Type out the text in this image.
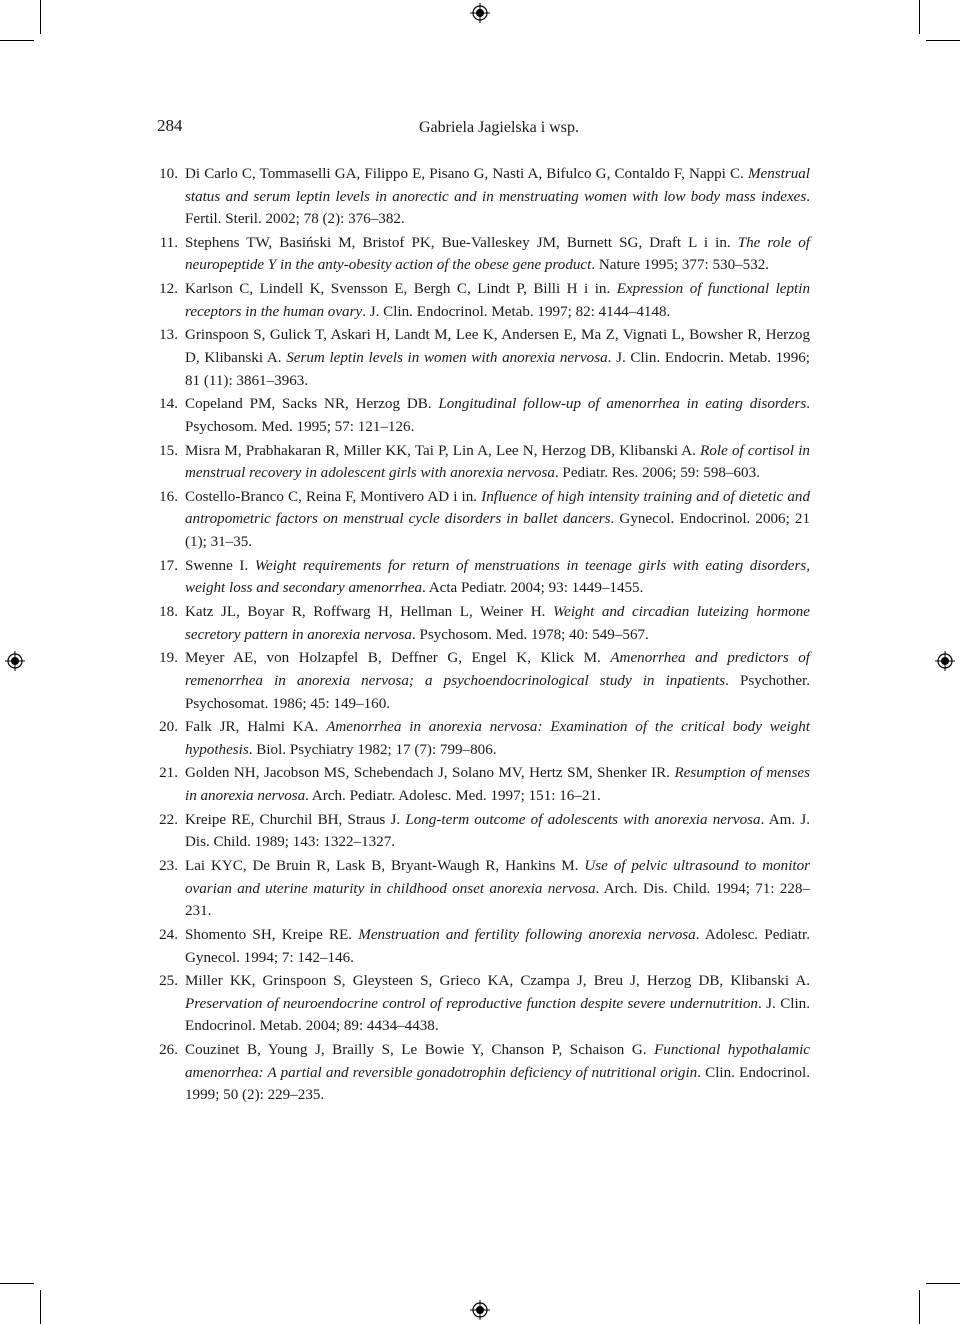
284	Gabriela Jagielska i wsp.
10. Di Carlo C, Tommaselli GA, Filippo E, Pisano G, Nasti A, Bifulco G, Contaldo F, Nappi C. Menstrual status and serum leptin levels in anorectic and in menstruating women with low body mass indexes. Fertil. Steril. 2002; 78 (2): 376–382.
11. Stephens TW, Basiński M, Bristof PK, Bue-Valleskey JM, Burnett SG, Draft L i in. The role of neuropeptide Y in the anty-obesity action of the obese gene product. Nature 1995; 377: 530–532.
12. Karlson C, Lindell K, Svensson E, Bergh C, Lindt P, Billi H i in. Expression of functional leptin receptors in the human ovary. J. Clin. Endocrinol. Metab. 1997; 82: 4144–4148.
13. Grinspoon S, Gulick T, Askari H, Landt M, Lee K, Andersen E, Ma Z, Vignati L, Bowsher R, Herzog D, Klibanski A. Serum leptin levels in women with anorexia nervosa. J. Clin. Endocrin. Metab. 1996; 81 (11): 3861–3963.
14. Copeland PM, Sacks NR, Herzog DB. Longitudinal follow-up of amenorrhea in eating disorders. Psychosom. Med. 1995; 57: 121–126.
15. Misra M, Prabhakaran R, Miller KK, Tai P, Lin A, Lee N, Herzog DB, Klibanski A. Role of cortisol in menstrual recovery in adolescent girls with anorexia nervosa. Pediatr. Res. 2006; 59: 598–603.
16. Costello-Branco C, Reina F, Montivero AD i in. Influence of high intensity training and of dietetic and antropometric factors on menstrual cycle disorders in ballet dancers. Gynecol. Endocrinol. 2006; 21 (1); 31–35.
17. Swenne I. Weight requirements for return of menstruations in teenage girls with eating disorders, weight loss and secondary amenorrhea. Acta Pediatr. 2004; 93: 1449–1455.
18. Katz JL, Boyar R, Roffwarg H, Hellman L, Weiner H. Weight and circadian luteizing hormone secretory pattern in anorexia nervosa. Psychosom. Med. 1978; 40: 549–567.
19. Meyer AE, von Holzapfel B, Deffner G, Engel K, Klick M. Amenorrhea and predictors of remenorrhea in anorexia nervosa; a psychoendocrinological study in inpatients. Psychother. Psychosomat. 1986; 45: 149–160.
20. Falk JR, Halmi KA. Amenorrhea in anorexia nervosa: Examination of the critical body weight hypothesis. Biol. Psychiatry 1982; 17 (7): 799–806.
21. Golden NH, Jacobson MS, Schebendach J, Solano MV, Hertz SM, Shenker IR. Resumption of menses in anorexia nervosa. Arch. Pediatr. Adolesc. Med. 1997; 151: 16–21.
22. Kreipe RE, Churchil BH, Straus J. Long-term outcome of adolescents with anorexia nervosa. Am. J. Dis. Child. 1989; 143: 1322–1327.
23. Lai KYC, De Bruin R, Lask B, Bryant-Waugh R, Hankins M. Use of pelvic ultrasound to monitor ovarian and uterine maturity in childhood onset anorexia nervosa. Arch. Dis. Child. 1994; 71: 228–231.
24. Shomento SH, Kreipe RE. Menstruation and fertility following anorexia nervosa. Adolesc. Pediatr. Gynecol. 1994; 7: 142–146.
25. Miller KK, Grinspoon S, Gleysteen S, Grieco KA, Czampa J, Breu J, Herzog DB, Klibanski A. Preservation of neuroendocrine control of reproductive function despite severe undernutrition. J. Clin. Endocrinol. Metab. 2004; 89: 4434–4438.
26. Couzinet B, Young J, Brailly S, Le Bowie Y, Chanson P, Schaison G. Functional hypothalamic amenorrhea: A partial and reversible gonadotrophin deficiency of nutritional origin. Clin. Endocrinol. 1999; 50 (2): 229–235.
